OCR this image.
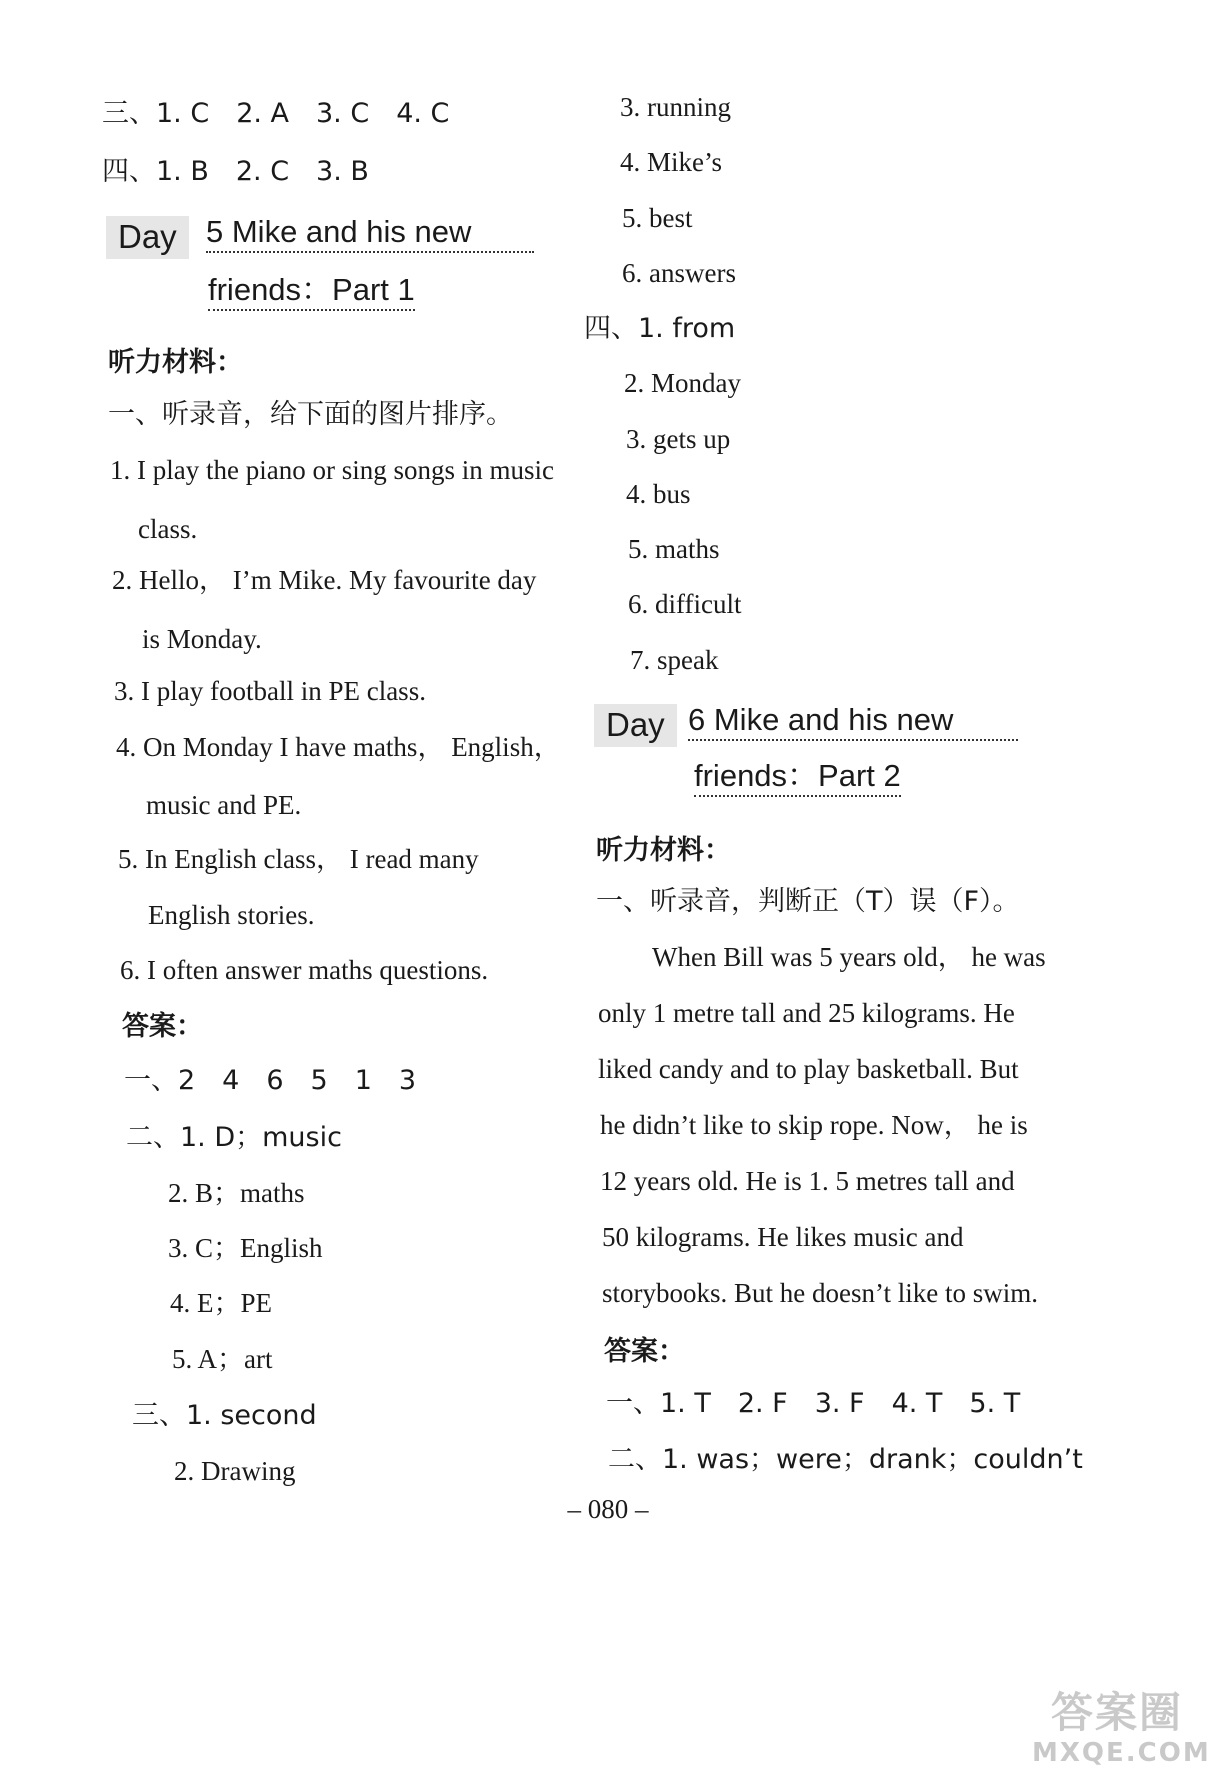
三、1. C　2. A　3. C　4. C
四、1. B　2. C　3. B
Day 5 Mike and his new
friends：Part 1
听力材料：
一、听录音，给下面的图片排序。
1. I play the piano or sing songs in music
class.
2. Hello， I’m Mike. My favourite day
is Monday.
3. I play football in PE class.
4. On Monday I have maths， English，
music and PE.
5. In English class， I read many
English stories.
6. I often answer maths questions.
答案：
一、2　4　6　5　1　3
二、1. D；music
2. B；maths
3. C；English
4. E；PE
5. A；art
三、1. second
2. Drawing
3. running
4. Mike’s
5. best
6. answers
四、1. from
2. Monday
3. gets up
4. bus
5. maths
6. difficult
7. speak
Day 6 Mike and his new
friends：Part 2
听力材料：
一、听录音，判断正（T）误（F）。
When Bill was 5 years old， he was
only 1 metre tall and 25 kilograms. He
liked candy and to play basketball. But
he didn’t like to skip rope. Now， he is
12 years old. He is 1. 5 metres tall and
50 kilograms. He likes music and
storybooks. But he doesn’t like to swim.
答案：
一、1. T　2. F　3. F　4. T　5. T
二、1. was；were；drank；couldn’t
– 080 –
答案圈
MXQE.COM
